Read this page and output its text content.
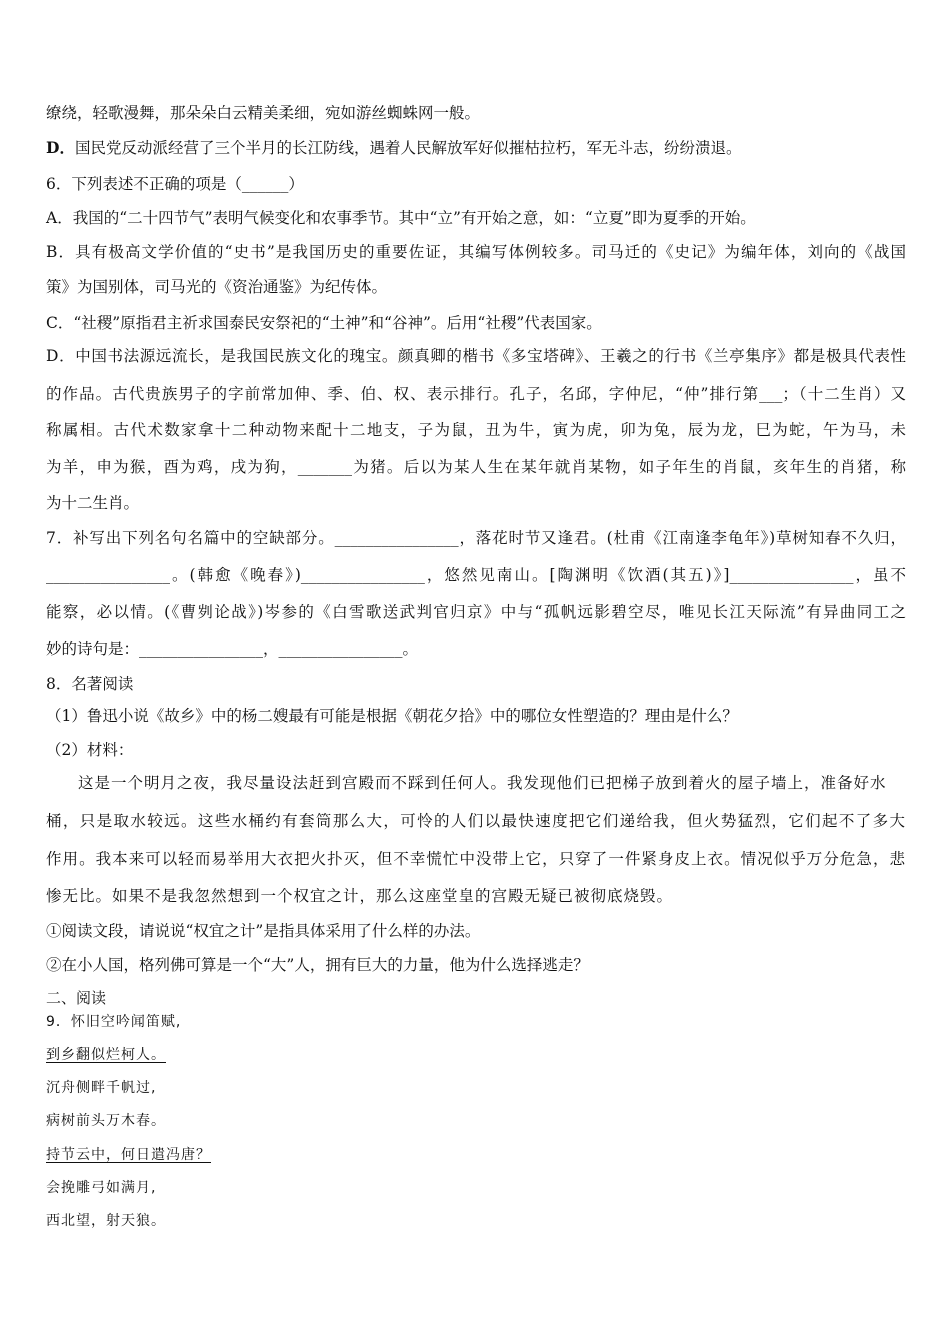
缭绕，轻歌漫舞，那朵朵白云精美柔细，宛如游丝蜘蛛网一般。
D．国民党反动派经营了三个半月的长江防线，遇着人民解放军好似摧枯拉朽，军无斗志，纷纷溃退。
6．下列表述不正确的项是（______）
A．我国的“二十四节气”表明气候变化和农事季节。其中“立”有开始之意，如：“立夏”即为夏季的开始。
B．具有极高文学价值的“史书”是我国历史的重要佐证，其编写体例较多。司马迁的《史记》为编年体，刘向的《战国
策》为国别体，司马光的《资治通鉴》为纪传体。
C．“社稷”原指君主祈求国泰民安祭祀的“土神”和“谷神”。后用“社稷”代表国家。
D．中国书法源远流长，是我国民族文化的瑰宝。颜真卿的楷书《多宝塔碑》、王羲之的行书《兰亭集序》都是极具代表性
的作品。古代贵族男子的字前常加伸、季、伯、权、表示排行。孔子，名邱，字仲尼，“仲”排行第___；（十二生肖）又
称属相。古代术数家拿十二种动物来配十二地支，子为鼠，丑为牛，寅为虎，卯为兔，辰为龙，巳为蛇，午为马，未
为羊，申为猴，酉为鸡，戌为狗，_______为猪。后以为某人生在某年就肖某物，如子年生的肖鼠，亥年生的肖猪，称
为十二生肖。
7．补写出下列名句名篇中的空缺部分。________________，落花时节又逢君。(杜甫《江南逢李龟年》)草树知春不久归，
________________。(韩愈《晚春》)________________，悠然见南山。[陶渊明《饮酒(其五)》]________________，虽不
能察，必以情。(《曹刿论战》)岑参的《白雪歌送武判官归京》中与“孤帆远影碧空尽，唯见长江天际流”有异曲同工之
妙的诗句是：________________，________________。
8．名著阅读
（1）鲁迅小说《故乡》中的杨二嫂最有可能是根据《朝花夕拾》中的哪位女性塑造的？理由是什么？
（2）材料：
这是一个明月之夜，我尽量设法赶到宫殿而不踩到任何人。我发现他们已把梯子放到着火的屋子墙上，准备好水
桶，只是取水较远。这些水桶约有套筒那么大，可怜的人们以最快速度把它们递给我，但火势猛烈，它们起不了多大
作用。我本来可以轻而易举用大衣把火扑灭，但不幸慌忙中没带上它，只穿了一件紧身皮上衣。情况似乎万分危急，悲
惨无比。如果不是我忽然想到一个权宜之计，那么这座堂皇的宫殿无疑已被彻底烧毁。
①阅读文段，请说说“权宜之计”是指具体采用了什么样的办法。
②在小人国，格列佛可算是一个“大”人，拥有巨大的力量，他为什么选择逃走？
二、阅读
9．怀旧空吟闻笛赋,
到乡翻似烂柯人。
沉舟侧畔千帆过,
病树前头万木春。
持节云中，何日遣冯唐？
会挽雕弓如满月,
西北望，射天狼。
